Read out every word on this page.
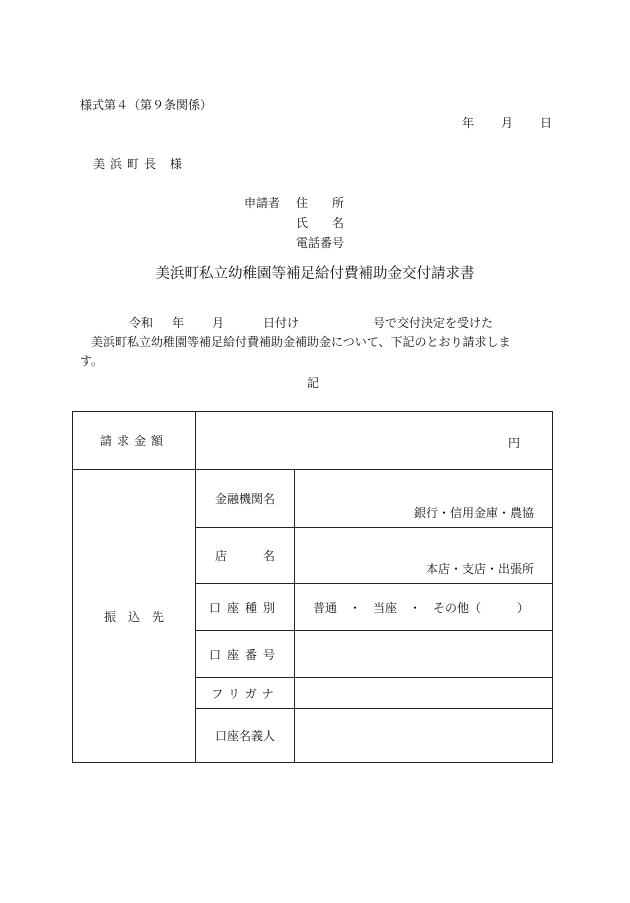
様式第４（第９条関係）
年 月 日
美浜町長 様
申請者 住　　所
氏　　名
電話番号
美浜町私立幼稚園等補足給付費補助金交付請求書
令和 年 月	日付け	号で交付決定を受けた
美浜町私立幼稚園等補足給付費補助金補助金について、下記のとおり請求しま
す。
記
請求金額	円	

振　込　先	金融機関名	銀行・信用金庫・農協

	店　　　名	本店・支店・出張所

	口座種別	普通　・　当座　・　その他（　　　）
	口座番号	
	フリガナ	
	口座名義人	
